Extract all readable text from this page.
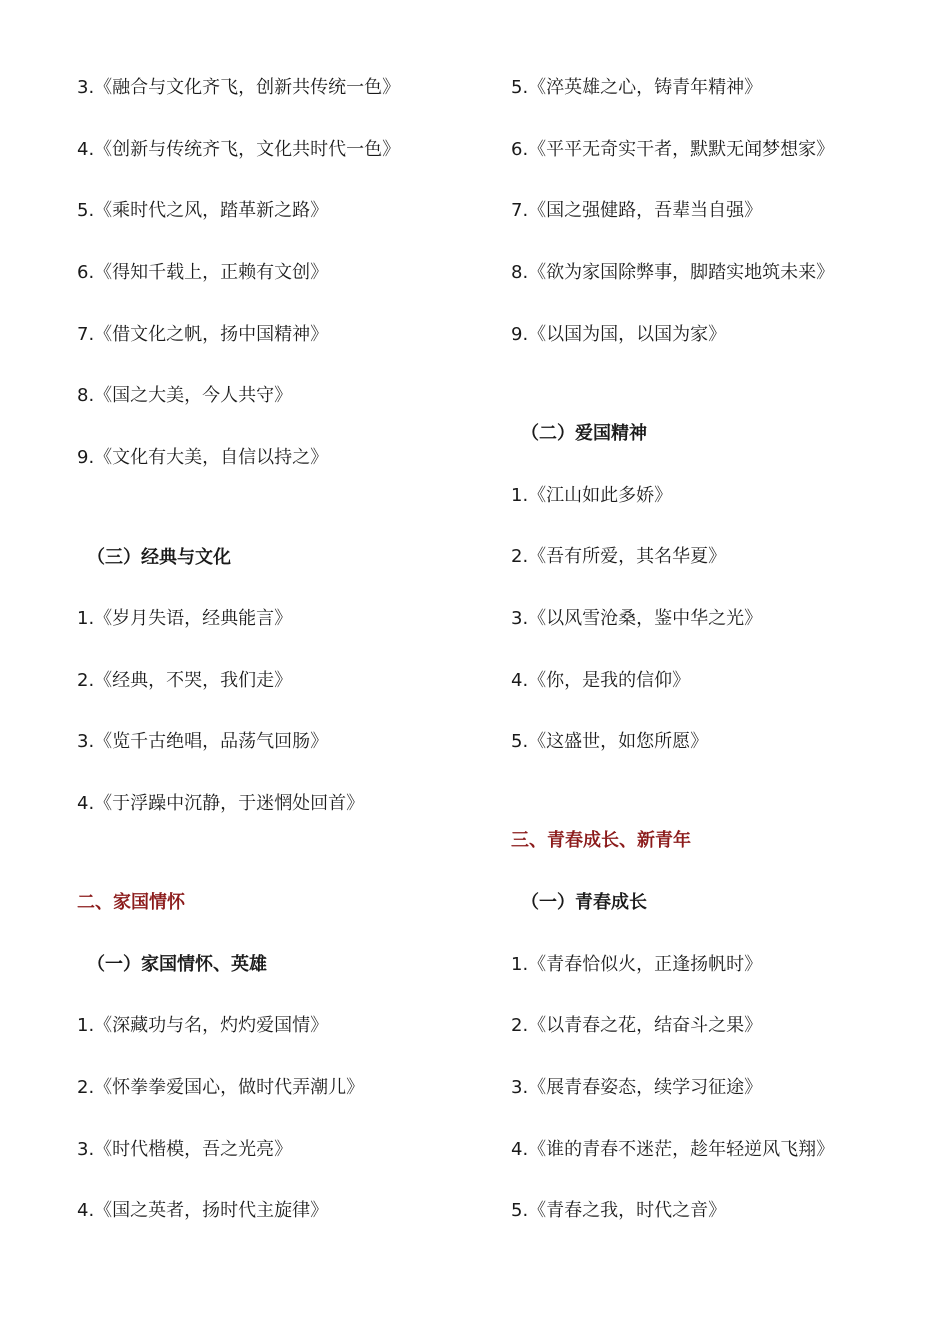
3.《融合与文化齐飞，创新共传统一色》
4.《创新与传统齐飞，文化共时代一色》
5.《乘时代之风，踏革新之路》
6.《得知千载上，正赖有文创》
7.《借文化之帆，扬中国精神》
8.《国之大美，今人共守》
9.《文化有大美，自信以持之》
（三）经典与文化
1.《岁月失语，经典能言》
2.《经典，不哭，我们走》
3.《览千古绝唱，品荡气回肠》
4.《于浮躁中沉静，于迷惘处回首》
二、家国情怀
（一）家国情怀、英雄
1.《深藏功与名，灼灼爱国情》
2.《怀拳拳爱国心，做时代弄潮儿》
3.《时代楷模，吾之光亮》
4.《国之英者，扬时代主旋律》
5.《淬英雄之心，铸青年精神》
6.《平平无奇实干者，默默无闻梦想家》
7.《国之强健路，吾辈当自强》
8.《欲为家国除弊事，脚踏实地筑未来》
9.《以国为国，以国为家》
（二）爱国精神
1.《江山如此多娇》
2.《吾有所爱，其名华夏》
3.《以风雪沧桑，鉴中华之光》
4.《你，是我的信仰》
5.《这盛世，如您所愿》
三、青春成长、新青年
（一）青春成长
1.《青春恰似火，正逢扬帆时》
2.《以青春之花，结奋斗之果》
3.《展青春姿态，续学习征途》
4.《谁的青春不迷茫，趁年轻逆风飞翔》
5.《青春之我，时代之音》
